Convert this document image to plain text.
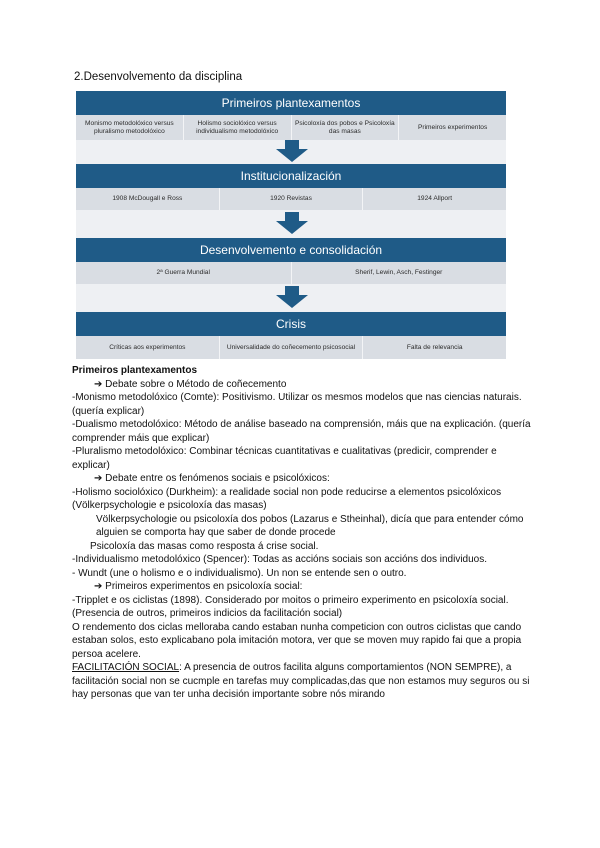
2.Desenvolvemento da disciplina
Primeiros plantexamentos
Monismo metodolóxico versus pluralismo metodolóxico
Holismo sociolóxico versus individualismo metodolóxico
Psicoloxía dos pobos e Psicoloxía das masas
Primeiros experimentos
Institucionalización
1908 McDougall e Ross	1920 Revistas	1924 Allport
Desenvolvemento e consolidación
2ª Guerra Mundial	Sherif, Lewin, Asch, Festinger
Crisis
Críticas aos experimentos	Universalidade do coñecemento psicosocial	Falta de relevancia

Primeiros plantexamentos

➔ Debate sobre o Método de coñecemento

-Monismo metodolóxico (Comte): Positivismo. Utilizar os mesmos modelos que nas ciencias naturais. (quería explicar)

-Dualismo metodolóxico: Método de análise baseado na comprensión, máis que na explicación. (quería comprender máis que explicar)

-Pluralismo metodolóxico: Combinar técnicas cuantitativas e cualitativas (predicir, comprender e explicar)

➔ Debate entre os fenómenos sociais e psicolóxicos:

-Holismo sociolóxico (Durkheim): a realidade social non pode reducirse a elementos psicolóxicos (Völkerpsychologie e psicoloxía das masas)

Völkerpsychologie ou psicoloxía dos pobos (Lazarus e Stheinhal), dicía que para entender cómo alguien se comporta hay que saber de donde procede

Psicoloxía das masas como resposta á crise social.

-Individualismo metodolóxico (Spencer): Todas as accións sociais son accións dos individuos.

- Wundt (une o holismo e o individualismo). Un non se entende sen o outro.

➔ Primeiros experimentos en psicoloxía social:

-Tripplet e os ciclistas (1898). Considerado por moitos o primeiro experimento en psicoloxía social. (Presencia de outros, primeiros indicios da facilitación social)

O rendemento dos ciclas melloraba cando estaban nunha competicion con outros ciclistas que cando estaban solos, esto explicabano pola imitación motora, ver que se moven muy rapido fai que a propia persoa acelere.

FACILITACIÓN SOCIAL: A presencia de outros facilita alguns comportamientos (NON SEMPRE), a facilitación social non se cucmple en tarefas muy complicadas,das que non estamos muy seguros ou si hay personas que van ter unha decisión importante sobre nós mirando
